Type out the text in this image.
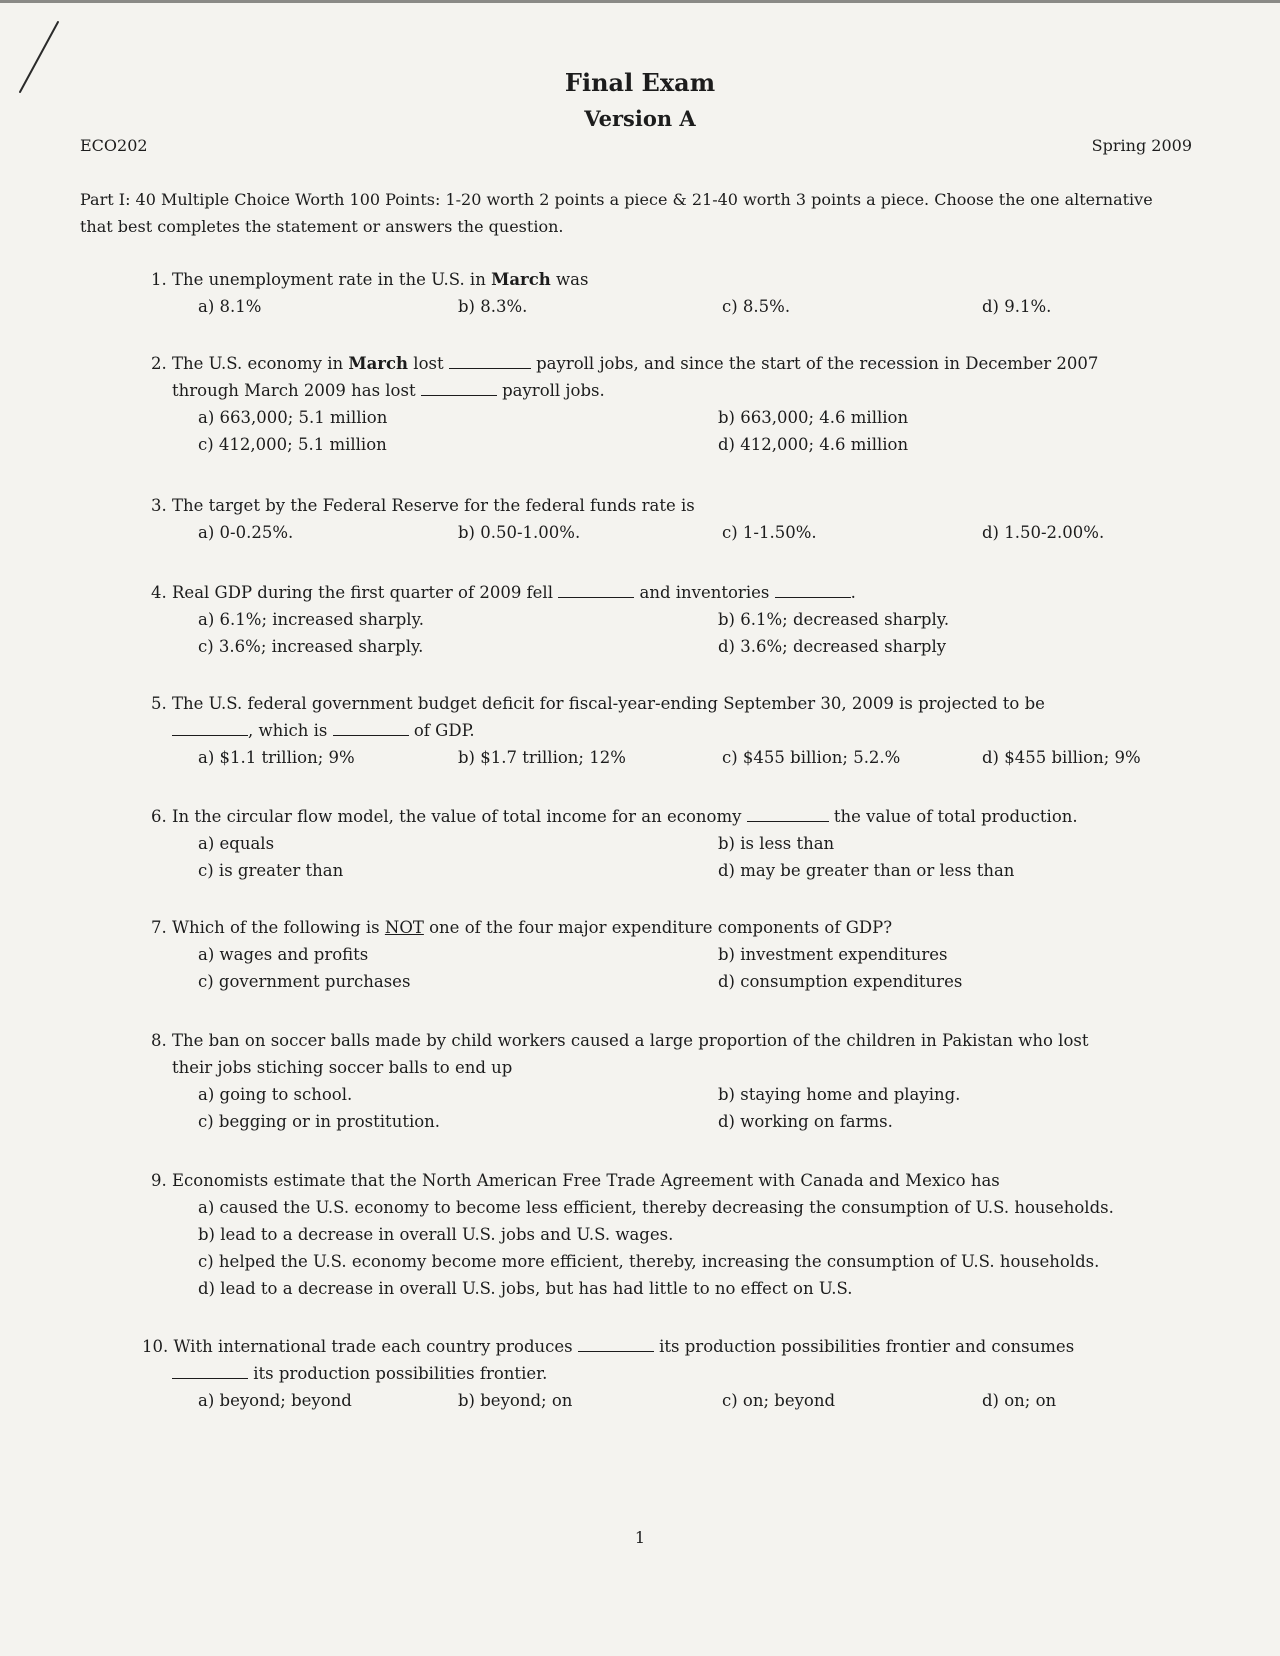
Final Exam
Version A
ECO202	Spring 2009
Part I: 40 Multiple Choice Worth 100 Points: 1-20 worth 2 points a piece & 21-40 worth 3 points a piece. Choose the one alternative that best completes the statement or answers the question.
1. The unemployment rate in the U.S. in March was
a) 8.1%	b) 8.3%.	c) 8.5%.	d) 9.1%.
2. The U.S. economy in March lost	payroll jobs, and since the start of the recession in December 2007
through March 2009 has lost	payroll jobs.
a) 663,000; 5.1 million	b) 663,000; 4.6 million
c) 412,000; 5.1 million	d) 412,000; 4.6 million
3. The target by the Federal Reserve for the federal funds rate is
a) 0-0.25%.	b) 0.50-1.00%.	c) 1-1.50%.	d) 1.50-2.00%.
4. Real GDP during the first quarter of 2009 fell	and inventories	.
a) 6.1%; increased sharply.	b) 6.1%; decreased sharply.
c) 3.6%; increased sharply.	d) 3.6%; decreased sharply
5. The U.S. federal government budget deficit for fiscal-year-ending September 30, 2009 is projected to be
, which is	of GDP.
a) $1.1 trillion; 9%	b) $1.7 trillion; 12%	c) $455 billion; 5.2.%	d) $455 billion; 9%
6. In the circular flow model, the value of total income for an economy	the value of total production.
a) equals	b) is less than
c) is greater than	d) may be greater than or less than
7. Which of the following is NOT one of the four major expenditure components of GDP?
a) wages and profits	b) investment expenditures
c) government purchases	d) consumption expenditures
8. The ban on soccer balls made by child workers caused a large proportion of the children in Pakistan who lost
their jobs stiching soccer balls to end up
a) going to school.	b) staying home and playing.
c) begging or in prostitution.	d) working on farms.
9. Economists estimate that the North American Free Trade Agreement with Canada and Mexico has
a) caused the U.S. economy to become less efficient, thereby decreasing the consumption of U.S. households.
b) lead to a decrease in overall U.S. jobs and U.S. wages.
c) helped the U.S. economy become more efficient, thereby, increasing the consumption of U.S. households.
d) lead to a decrease in overall U.S. jobs, but has had little to no effect on U.S.
10. With international trade each country produces	its production possibilities frontier and consumes
its production possibilities frontier.
a) beyond; beyond	b) beyond; on	c) on; beyond	d) on; on
1
